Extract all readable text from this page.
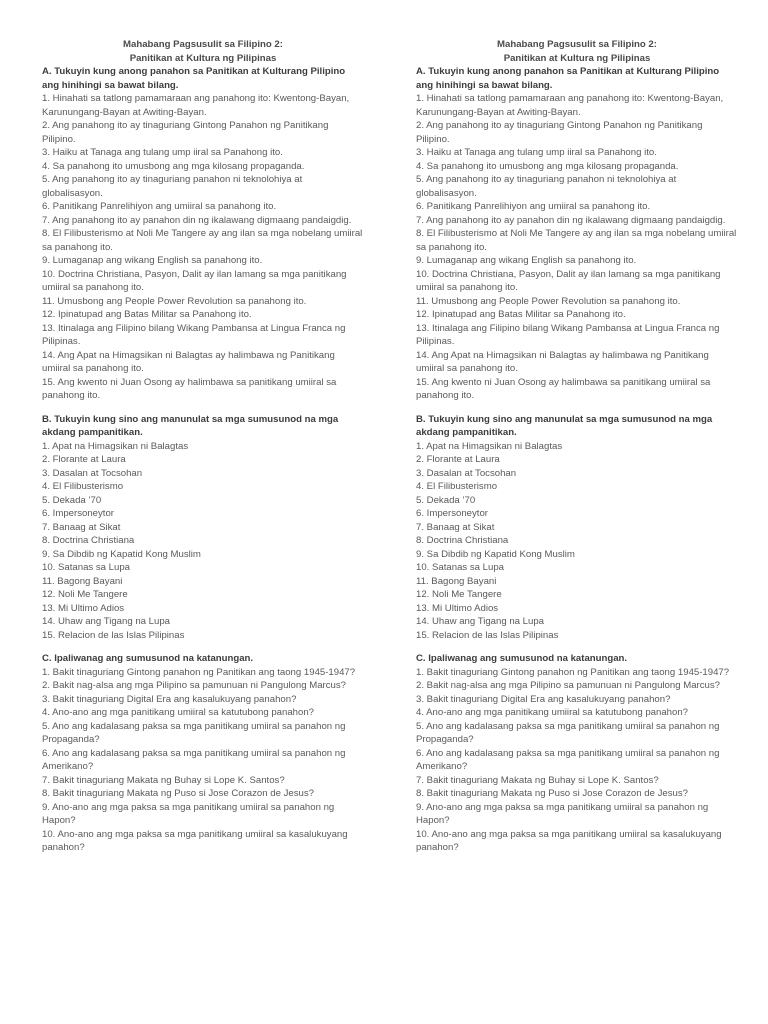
Mahabang Pagsusulit sa Filipino 2:
Panitikan at Kultura ng Pilipinas
A. Tukuyin kung anong panahon sa Panitikan at Kulturang Pilipino ang hinihingi sa bawat bilang.
1. Hinahati sa tatlong pamamaraan ang panahong ito: Kwentong-Bayan, Karunungang-Bayan at Awiting-Bayan.
2. Ang panahong ito ay tinaguriang Gintong Panahon ng Panitikang Pilipino.
3. Haiku at Tanaga ang tulang ump iiral sa Panahong ito.
4. Sa panahong ito umusbong ang mga kilosang propaganda.
5. Ang panahong ito ay tinaguriang panahon ni teknolohiya at globalisasyon.
6. Panitikang Panrelihiyon ang umiiral sa panahong ito.
7. Ang panahong ito ay panahon din ng ikalawang digmaang pandaigdig.
8. El Filibusterismo at Noli Me Tangere ay ang ilan sa mga nobelang umiiral sa panahong ito.
9. Lumaganap ang wikang English sa panahong ito.
10. Doctrina Christiana, Pasyon, Dalit ay ilan lamang sa mga panitikang umiiral sa panahong ito.
11. Umusbong ang People Power Revolution sa panahong ito.
12. Ipinatupad ang Batas Militar sa Panahong ito.
13. Itinalaga ang Filipino bilang Wikang Pambansa at Lingua Franca ng Pilipinas.
14. Ang Apat na Himagsikan ni Balagtas ay halimbawa ng Panitikang umiiral sa panahong ito.
15. Ang kwento ni Juan Osong ay halimbawa sa panitikang umiiral sa panahong ito.
B. Tukuyin kung sino ang manunulat sa mga sumusunod na mga akdang pampanitikan.
1. Apat na Himagsikan ni Balagtas
2. Florante at Laura
3. Dasalan at Tocsohan
4. El Filibusterismo
5. Dekada ’70
6. Impersoneytor
7. Banaag at Sikat
8. Doctrina Christiana
9. Sa Dibdib ng Kapatid Kong Muslim
10. Satanas sa Lupa
11. Bagong Bayani
12. Noli Me Tangere
13. Mi Ultimo Adios
14. Uhaw ang Tigang na Lupa
15. Relacion de las Islas Pilipinas
C. Ipaliwanag ang sumusunod na katanungan.
1. Bakit tinaguriang Gintong panahon ng Panitikan ang taong 1945-1947?
2. Bakit nag-alsa ang mga Pilipino sa pamunuan ni Pangulong Marcus?
3. Bakit tinaguriang Digital Era ang kasalukuyang panahon?
4. Ano-ano ang mga panitikang umiiral sa katutubong panahon?
5. Ano ang kadalasang paksa sa mga panitikang umiiral sa panahon ng Propaganda?
6. Ano ang kadalasang paksa sa mga panitikang umiiral sa panahon ng Amerikano?
7. Bakit tinaguriang Makata ng Buhay si Lope K. Santos?
8. Bakit tinaguriang Makata ng Puso si Jose Corazon de Jesus?
9. Ano-ano ang mga paksa sa mga panitikang umiiral sa panahon ng Hapon?
10. Ano-ano ang mga paksa sa mga panitikang umiiral sa kasalukuyang panahon?
Mahabang Pagsusulit sa Filipino 2:
Panitikan at Kultura ng Pilipinas
A. Tukuyin kung anong panahon sa Panitikan at Kulturang Pilipino ang hinihingi sa bawat bilang.
1. Hinahati sa tatlong pamamaraan ang panahong ito: Kwentong-Bayan, Karunungang-Bayan at Awiting-Bayan.
2. Ang panahong ito ay tinaguriang Gintong Panahon ng Panitikang Pilipino.
3. Haiku at Tanaga ang tulang ump iiral sa Panahong ito.
4. Sa panahong ito umusbong ang mga kilosang propaganda.
5. Ang panahong ito ay tinaguriang panahon ni teknolohiya at globalisasyon.
6. Panitikang Panrelihiyon ang umiiral sa panahong ito.
7. Ang panahong ito ay panahon din ng ikalawang digmaang pandaigdig.
8. El Filibusterismo at Noli Me Tangere ay ang ilan sa mga nobelang umiiral sa panahong ito.
9. Lumaganap ang wikang English sa panahong ito.
10. Doctrina Christiana, Pasyon, Dalit ay ilan lamang sa mga panitikang umiiral sa panahong ito.
11. Umusbong ang People Power Revolution sa panahong ito.
12. Ipinatupad ang Batas Militar sa Panahong ito.
13. Itinalaga ang Filipino bilang Wikang Pambansa at Lingua Franca ng Pilipinas.
14. Ang Apat na Himagsikan ni Balagtas ay halimbawa ng Panitikang umiiral sa panahong ito.
15. Ang kwento ni Juan Osong ay halimbawa sa panitikang umiiral sa panahong ito.
B. Tukuyin kung sino ang manunulat sa mga sumusunod na mga akdang pampanitikan.
1. Apat na Himagsikan ni Balagtas
2. Florante at Laura
3. Dasalan at Tocsohan
4. El Filibusterismo
5. Dekada ’70
6. Impersoneytor
7. Banaag at Sikat
8. Doctrina Christiana
9. Sa Dibdib ng Kapatid Kong Muslim
10. Satanas sa Lupa
11. Bagong Bayani
12. Noli Me Tangere
13. Mi Ultimo Adios
14. Uhaw ang Tigang na Lupa
15. Relacion de las Islas Pilipinas
C. Ipaliwanag ang sumusunod na katanungan.
1. Bakit tinaguriang Gintong panahon ng Panitikan ang taong 1945-1947?
2. Bakit nag-alsa ang mga Pilipino sa pamunuan ni Pangulong Marcus?
3. Bakit tinaguriang Digital Era ang kasalukuyang panahon?
4. Ano-ano ang mga panitikang umiiral sa katutubong panahon?
5. Ano ang kadalasang paksa sa mga panitikang umiiral sa panahon ng Propaganda?
6. Ano ang kadalasang paksa sa mga panitikang umiiral sa panahon ng Amerikano?
7. Bakit tinaguriang Makata ng Buhay si Lope K. Santos?
8. Bakit tinaguriang Makata ng Puso si Jose Corazon de Jesus?
9. Ano-ano ang mga paksa sa mga panitikang umiiral sa panahon ng Hapon?
10. Ano-ano ang mga paksa sa mga panitikang umiiral sa kasalukuyang panahon?
